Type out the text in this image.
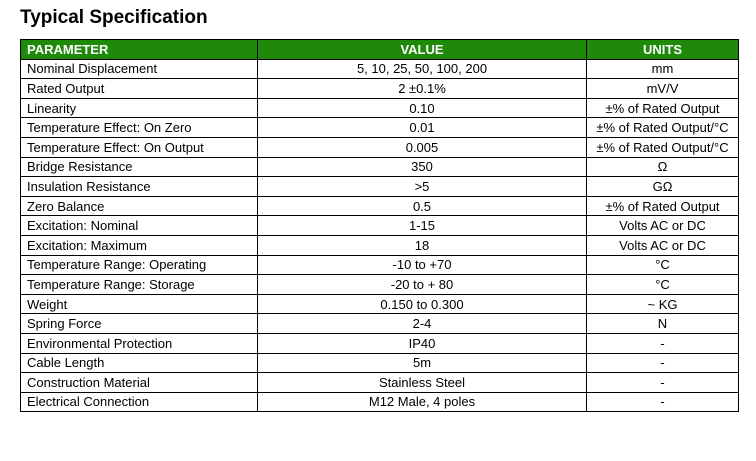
Typical Specification
PARAMETER	VALUE	UNITS
Nominal Displacement	5, 10, 25, 50, 100, 200	mm
Rated Output	2 ±0.1%	mV/V
Linearity	0.10	±% of Rated Output
Temperature Effect: On Zero	0.01	±% of Rated Output/°C
Temperature Effect: On Output	0.005	±% of Rated Output/°C
Bridge Resistance	350	Ω
Insulation Resistance	>5	GΩ
Zero Balance	0.5	±% of Rated Output
Excitation: Nominal	1-15	Volts AC or DC
Excitation: Maximum	18	Volts AC or DC
Temperature Range: Operating	-10 to +70	°C
Temperature Range: Storage	-20 to + 80	°C
Weight	0.150 to 0.300	~ KG
Spring Force	2-4	N
Environmental Protection	IP40	-
Cable Length	5m	-
Construction Material	Stainless Steel	-
Electrical Connection	M12 Male, 4 poles	-
